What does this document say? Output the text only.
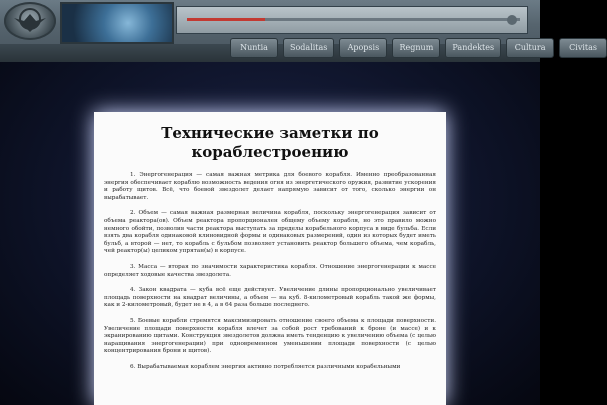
Nuntia	Sodalitas	Apopsis	Regnum	Pandektes	Cultura	Civitas
Технические заметки по кораблестроению

1. Энергогенерация — самая важная метрика для боевого корабля. Именно преобразованная энергия обеспечивает кораблю возможность ведения огня из энергетического оружия, развитие ускорения и работу щитов. Всё, что боевой звездолет делает напрямую зависит от того, сколько энергии он вырабатывает.

2. Объем — самая важная размерная величина корабля, поскольку энергогенерация зависит от объема реактора(ов). Объем реактора пропорционален общему объему корабля, но это правило можно немного обойти, позволив части реактора выступать за пределы корабельного корпуса в виде бульба. Если взять два корабля одинаковой клиновидной формы и одинаковых размерений, один из которых будет иметь бульб, а второй — нет, то корабль с бульбом позволяет установить реактор большего объема, чем корабль, чей реактор(ы) целиком упрятан(ы) в корпусе.

3. Масса — вторая по значимости характеристика корабля. Отношение энергогенерации к массе определяет ходовые качества звездолета.

4. Закон квадрата — куба всё еще действует. Увеличение длины пропорционально увеличивает площадь поверхности на квадрат величины, а объем — на куб. 8-километровый корабль такой же формы, как и 2-километровый, будет не в 4, а в 64 раза больше последнего.

5. Боевые корабли стремятся максимизировать отношение своего объема к площади поверхности. Увеличение площади поверхности корабля влечет за собой рост требований к броне (и массе) и к экранированию щитами. Конструкция звездолетов должна иметь тенденцию к увеличению объема (с целью наращивания энергогенерации) при одновременном уменьшении площади поверхности (с целью концентрирования брони и щитов).

6. Вырабатываемая кораблем энергия активно потребляется различными корабельными
